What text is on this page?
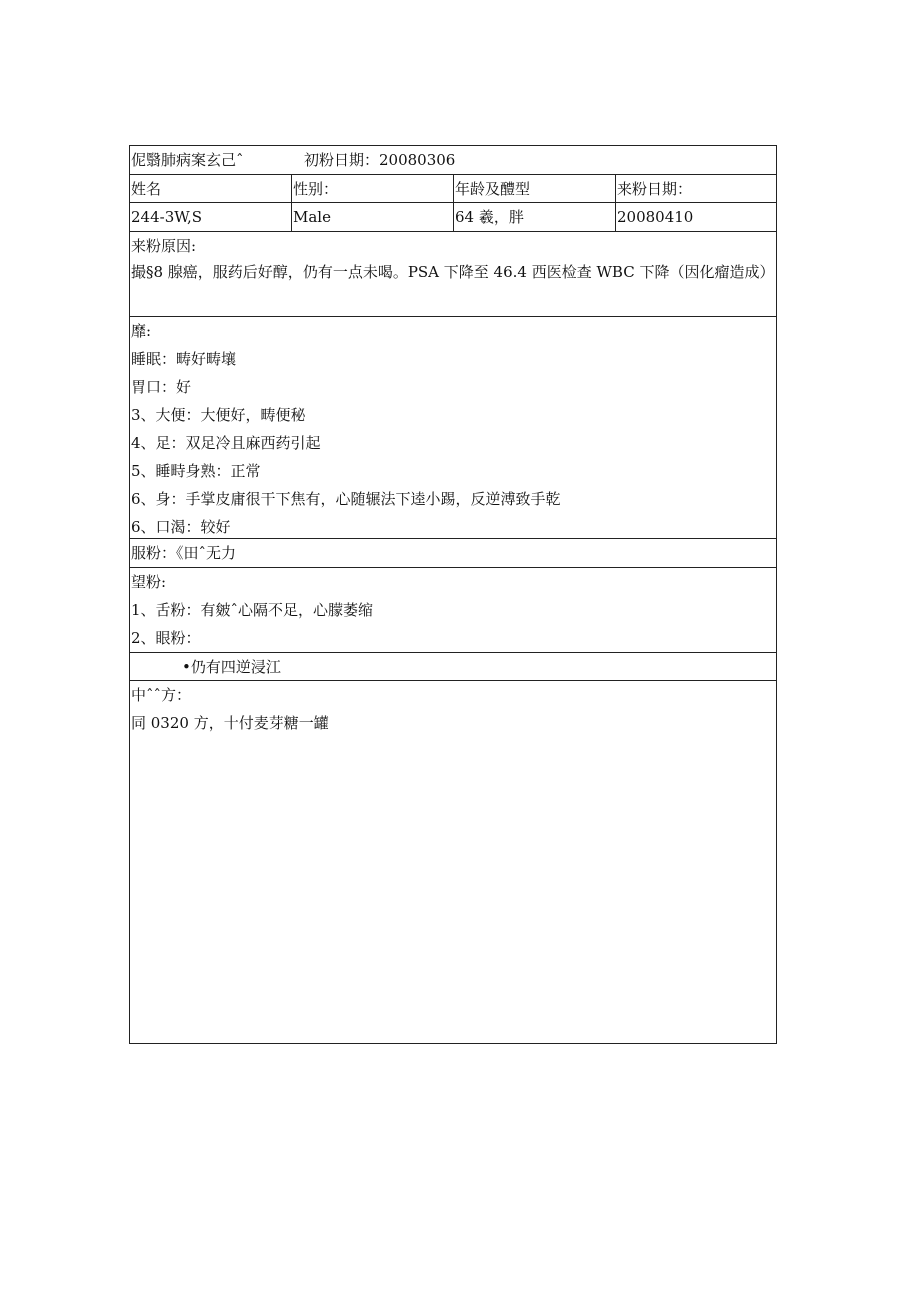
伲翳肺病案玄己ˆ	初粉日期：20080306
姓名	性别：	年龄及醴型	来粉日期：
244-3W,S	Male	64 羲，胖	20080410
来粉原因:
撮§8 腺癌，服药后好醇，仍有一点未喝。PSA 下降至 46.4 西医检查 WBC 下降（因化瘤造成）
靡:
睡眠：畴好畴壤
胃口：好
3、大便：大便好，畴便秘
4、足：双足冷且麻西药引起
5、睡畤身熟：正常
6、身：手掌皮庸很干下焦有，心随辗法下逵小踢，反逆溥致手乾
6、口渴：较好
服粉：《田ˆ无力
望粉:
1、舌粉：有皴ˆ心隔不足，心朦萎缩
2、眼粉：
•仍有四逆浸江
中ˆˆ方：
同 0320 方，十付麦芽糖一罐
